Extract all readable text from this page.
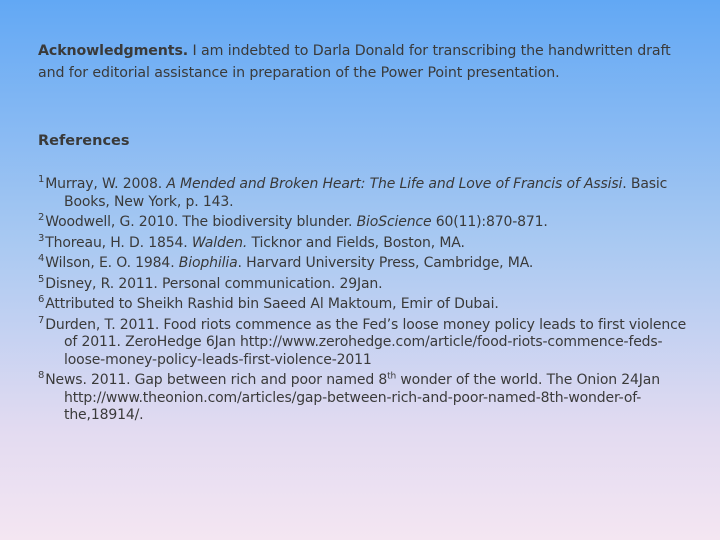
Acknowledgments. I am indebted to Darla Donald for transcribing the handwritten draft and for editorial assistance in preparation of the Power Point presentation.

References

$^1$Murray, W. 2008. A Mended and Broken Heart: The Life and Love of Francis of Assisi. Basic Books, New York, p. 143.
$^2$Woodwell, G. 2010. The biodiversity blunder. BioScience 60(11):870-871.
$^3$Thoreau, H. D. 1854. Walden. Ticknor and Fields, Boston, MA.
$^4$Wilson, E. O. 1984. Biophilia. Harvard University Press, Cambridge, MA.
$^5$Disney, R. 2011. Personal communication. 29Jan.
$^6$Attributed to Sheikh Rashid bin Saeed Al Maktoum, Emir of Dubai.
$^7$Durden, T. 2011. Food riots commence as the Fed’s loose money policy leads to first violence of 2011. ZeroHedge 6Jan http://www.zerohedge.com/article/food-riots-commence-feds-loose-money-policy-leads-first-violence-2011
$^8$News. 2011. Gap between rich and poor named 8th wonder of the world. The Onion 24Jan http://www.theonion.com/articles/gap-between-rich-and-poor-named-8th-wonder-of-the,18914/.
